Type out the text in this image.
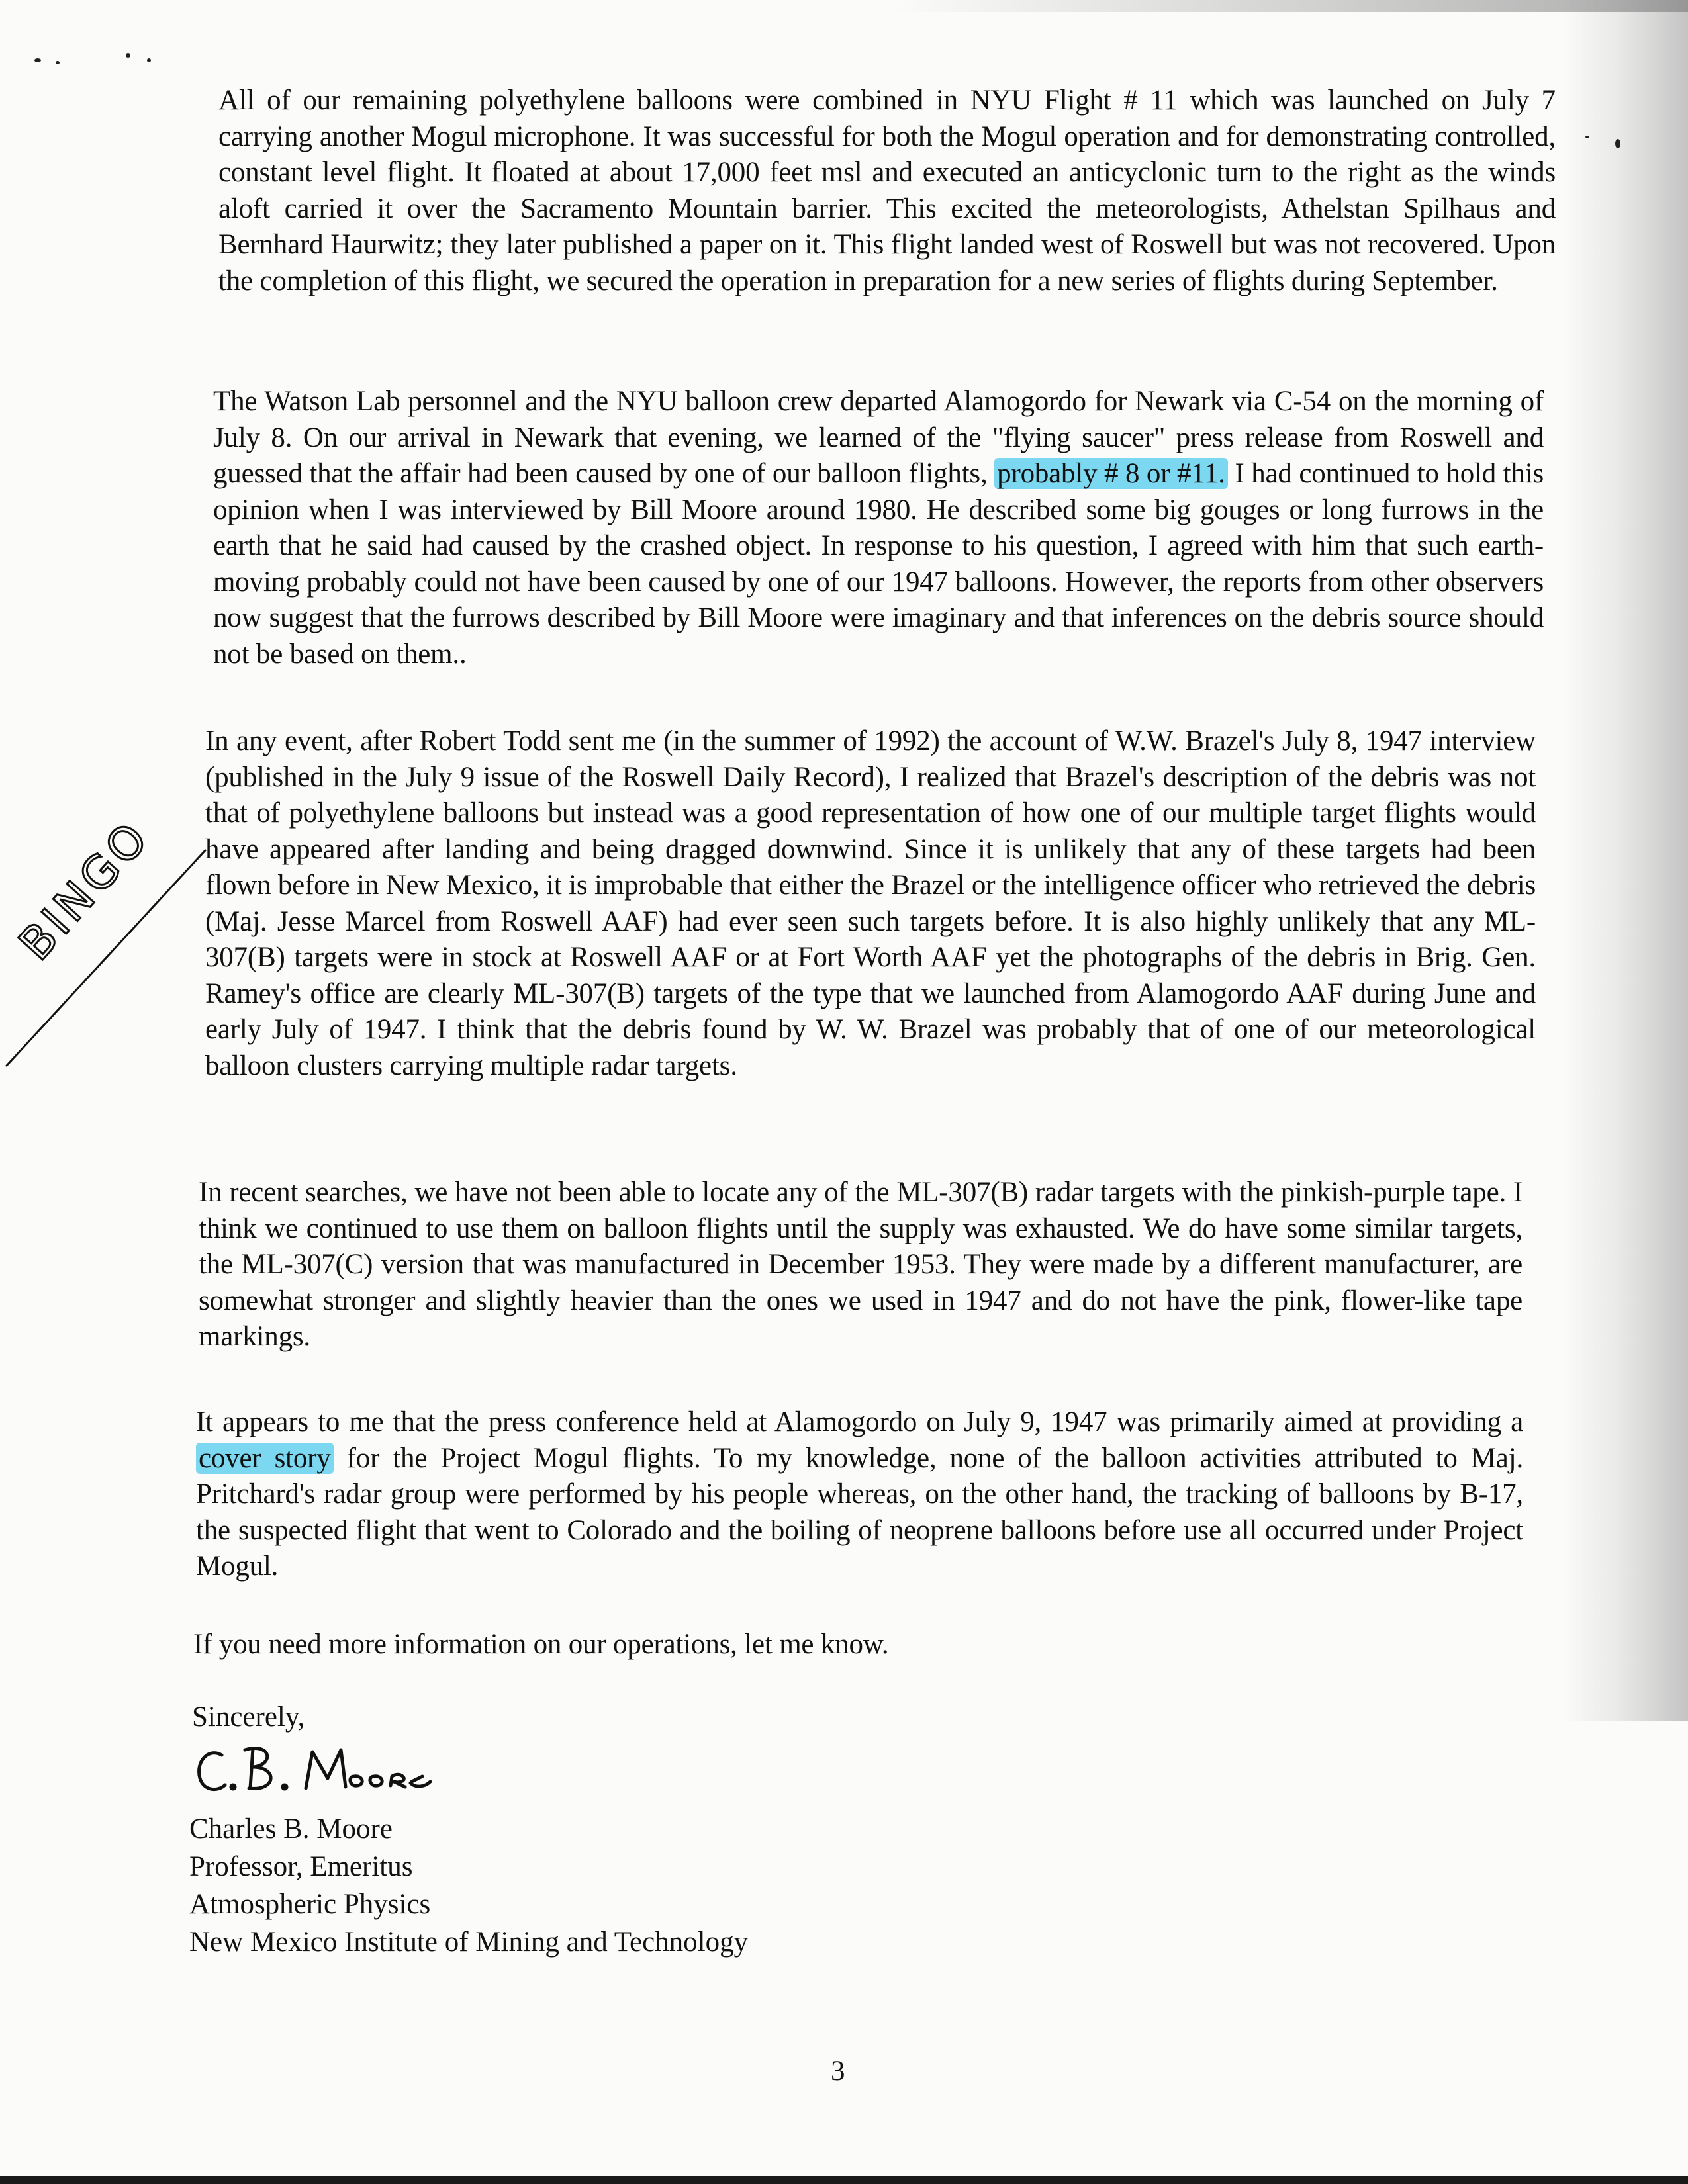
All of our remaining polyethylene balloons were combined in NYU Flight # 11 which was launched on July 7 carrying another Mogul microphone. It was successful for both the Mogul operation and for demonstrating controlled, constant level flight. It floated at about 17,000 feet msl and executed an anticyclonic turn to the right as the winds aloft carried it over the Sacramento Mountain barrier. This excited the meteorologists, Athelstan Spilhaus and Bernhard Haurwitz; they later published a paper on it. This flight landed west of Roswell but was not recovered. Upon the completion of this flight, we secured the operation in preparation for a new series of flights during September.

The Watson Lab personnel and the NYU balloon crew departed Alamogordo for Newark via C-54 on the morning of July 8. On our arrival in Newark that evening, we learned of the "flying saucer" press release from Roswell and guessed that the affair had been caused by one of our balloon flights, probably # 8 or #11. I had continued to hold this opinion when I was interviewed by Bill Moore around 1980. He described some big gouges or long furrows in the earth that he said had caused by the crashed object. In response to his question, I agreed with him that such earth-moving probably could not have been caused by one of our 1947 balloons. However, the reports from other observers now suggest that the furrows described by Bill Moore were imaginary and that inferences on the debris source should not be based on them..

In any event, after Robert Todd sent me (in the summer of 1992) the account of W.W. Brazel's July 8, 1947 interview (published in the July 9 issue of the Roswell Daily Record), I realized that Brazel's description of the debris was not that of polyethylene balloons but instead was a good representation of how one of our multiple target flights would have appeared after landing and being dragged downwind. Since it is unlikely that any of these targets had been flown before in New Mexico, it is improbable that either the Brazel or the intelligence officer who retrieved the debris (Maj. Jesse Marcel from Roswell AAF) had ever seen such targets before. It is also highly unlikely that any ML-307(B) targets were in stock at Roswell AAF or at Fort Worth AAF yet the photographs of the debris in Brig. Gen. Ramey's office are clearly ML-307(B) targets of the type that we launched from Alamogordo AAF during June and early July of 1947. I think that the debris found by W. W. Brazel was probably that of one of our meteorological balloon clusters carrying multiple radar targets.

In recent searches, we have not been able to locate any of the ML-307(B) radar targets with the pinkish-purple tape. I think we continued to use them on balloon flights until the supply was exhausted. We do have some similar targets, the ML-307(C) version that was manufactured in December 1953. They were made by a different manufacturer, are somewhat stronger and slightly heavier than the ones we used in 1947 and do not have the pink, flower-like tape markings.

It appears to me that the press conference held at Alamogordo on July 9, 1947 was primarily aimed at providing a cover story for the Project Mogul flights. To my knowledge, none of the balloon activities attributed to Maj. Pritchard's radar group were performed by his people whereas, on the other hand, the tracking of balloons by B-17, the suspected flight that went to Colorado and the boiling of neoprene balloons before use all occurred under Project Mogul.

If you need more information on our operations, let me know.

Sincerely,
Charles B. Moore
Professor, Emeritus
Atmospheric Physics
New Mexico Institute of Mining and Technology
BINGO
3
